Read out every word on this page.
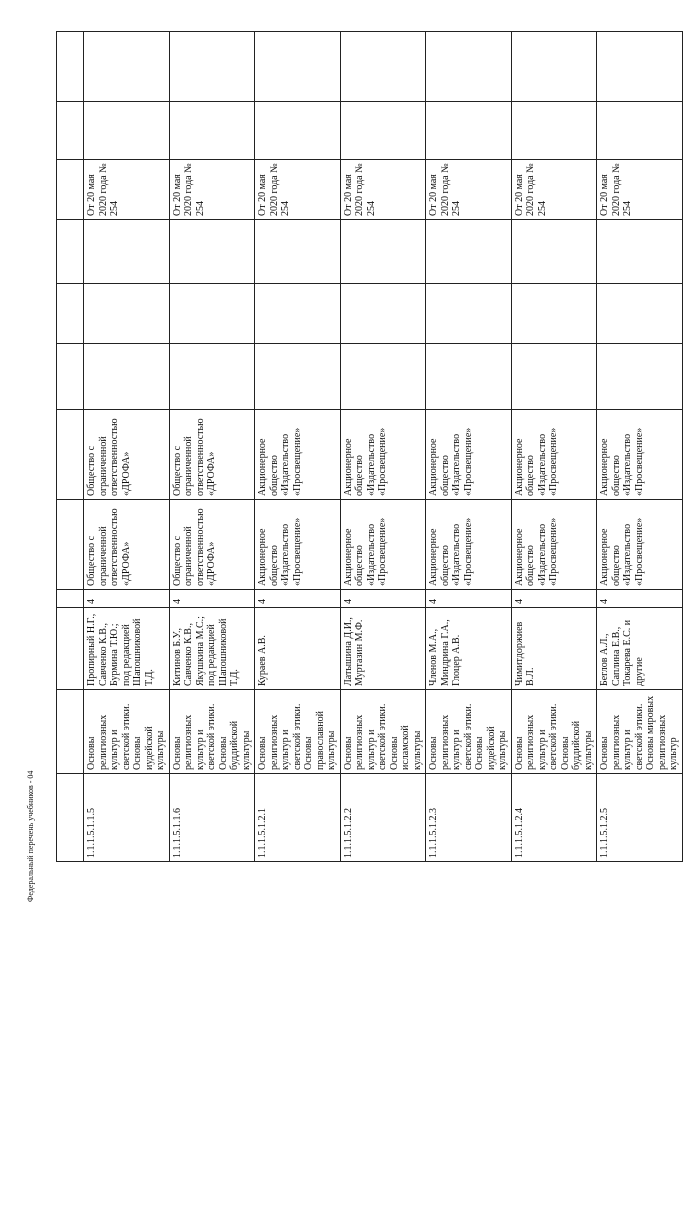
1.1.1.5.1.1.5	Основы религиозных культур и светской этики. Основы иудейской культуры	Пропирный Н.Г., Савченко К.В., Бурмина Т.Ю.; под редакцией Шапошниковой Т.Д.	4	Общество с ограниченной ответственностью «ДРОФА»	Общество с ограниченной ответственностью «ДРОФА»				От 20 мая 2020 года № 254		
1.1.1.5.1.1.6	Основы религиозных культур и светской этики. Основы буддийской культуры	Китинов Б.У., Савченко К.В., Якушкина М.С.; под редакцией Шапошниковой Т.Д.	4	Общество с ограниченной ответственностью «ДРОФА»	Общество с ограниченной ответственностью «ДРОФА»				От 20 мая 2020 года № 254		
1.1.1.5.1.2.1	Основы религиозных культур и светской этики. Основы православной культуры	Кураев А.В.	4	Акционерное общество «Издательство «Просвещение»	Акционерное общество «Издательство «Просвещение»				От 20 мая 2020 года № 254		
1.1.1.5.1.2.2	Основы религиозных культур и светской этики. Основы исламской культуры	Латышина Д.И., Муртазин М.Ф.	4	Акционерное общество «Издательство «Просвещение»	Акционерное общество «Издательство «Просвещение»				От 20 мая 2020 года № 254		
1.1.1.5.1.2.3	Основы религиозных культур и светской этики. Основы иудейской культуры	Членов М.А., Миндрина Г.А., Глоцер А.В.	4	Акционерное общество «Издательство «Просвещение»	Акционерное общество «Издательство «Просвещение»				От 20 мая 2020 года № 254		
1.1.1.5.1.2.4	Основы религиозных культур и светской этики. Основы буддийской культуры	Чимитдоржиев В.Л.	4	Акционерное общество «Издательство «Просвещение»	Акционерное общество «Издательство «Просвещение»				От 20 мая 2020 года № 254		
1.1.1.5.1.2.5	Основы религиозных культур и светской этики. Основы мировых религиозных культур	Беглов А.Л., Саплина Е.В., Токарева Е.С. и другие	4	Акционерное общество «Издательство «Просвещение»	Акционерное общество «Издательство «Просвещение»				От 20 мая 2020 года № 254		
Федеральный перечень учебников - 04
